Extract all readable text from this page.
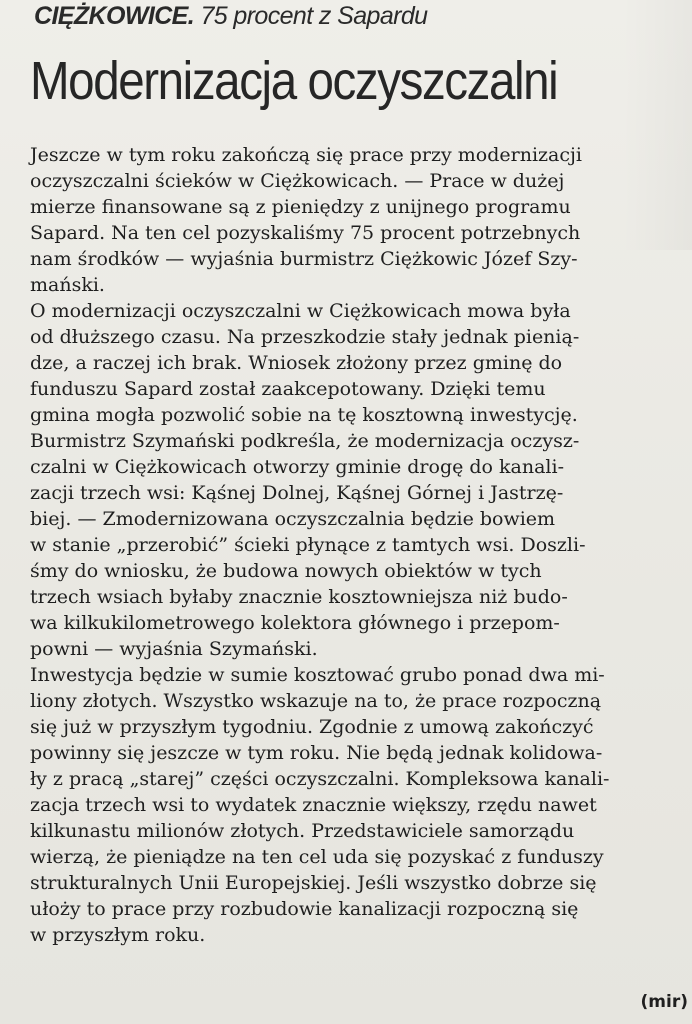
CIĘŻKOWICE. 75 procent z Sapardu
Modernizacja oczyszczalni
Jeszcze w tym roku zakończą się prace przy modernizacji
oczyszczalni ścieków w Ciężkowicach. — Prace w dużej
mierze finansowane są z pieniędzy z unijnego programu
Sapard. Na ten cel pozyskaliśmy 75 procent potrzebnych
nam środków — wyjaśnia burmistrz Ciężkowic Józef Szy-
mański.
O modernizacji oczyszczalni w Ciężkowicach mowa była
od dłuższego czasu. Na przeszkodzie stały jednak pienią-
dze, a raczej ich brak. Wniosek złożony przez gminę do
funduszu Sapard został zaakcepotowany. Dzięki temu
gmina mogła pozwolić sobie na tę kosztowną inwestycję.
Burmistrz Szymański podkreśla, że modernizacja oczysz-
czalni w Ciężkowicach otworzy gminie drogę do kanali-
zacji trzech wsi: Kąśnej Dolnej, Kąśnej Górnej i Jastrzę-
biej. — Zmodernizowana oczyszczalnia będzie bowiem
w stanie „przerobić” ścieki płynące z tamtych wsi. Doszli-
śmy do wniosku, że budowa nowych obiektów w tych
trzech wsiach byłaby znacznie kosztowniejsza niż budo-
wa kilkukilometrowego kolektora głównego i przepom-
powni — wyjaśnia Szymański.
Inwestycja będzie w sumie kosztować grubo ponad dwa mi-
liony złotych. Wszystko wskazuje na to, że prace rozpoczną
się już w przyszłym tygodniu. Zgodnie z umową zakończyć
powinny się jeszcze w tym roku. Nie będą jednak kolidowa-
ły z pracą „starej” części oczyszczalni. Kompleksowa kanali-
zacja trzech wsi to wydatek znacznie większy, rzędu nawet
kilkunastu milionów złotych. Przedstawiciele samorządu
wierzą, że pieniądze na ten cel uda się pozyskać z funduszy
strukturalnych Unii Europejskiej. Jeśli wszystko dobrze się
ułoży to prace przy rozbudowie kanalizacji rozpoczną się
w przyszłym roku.
(mir)
